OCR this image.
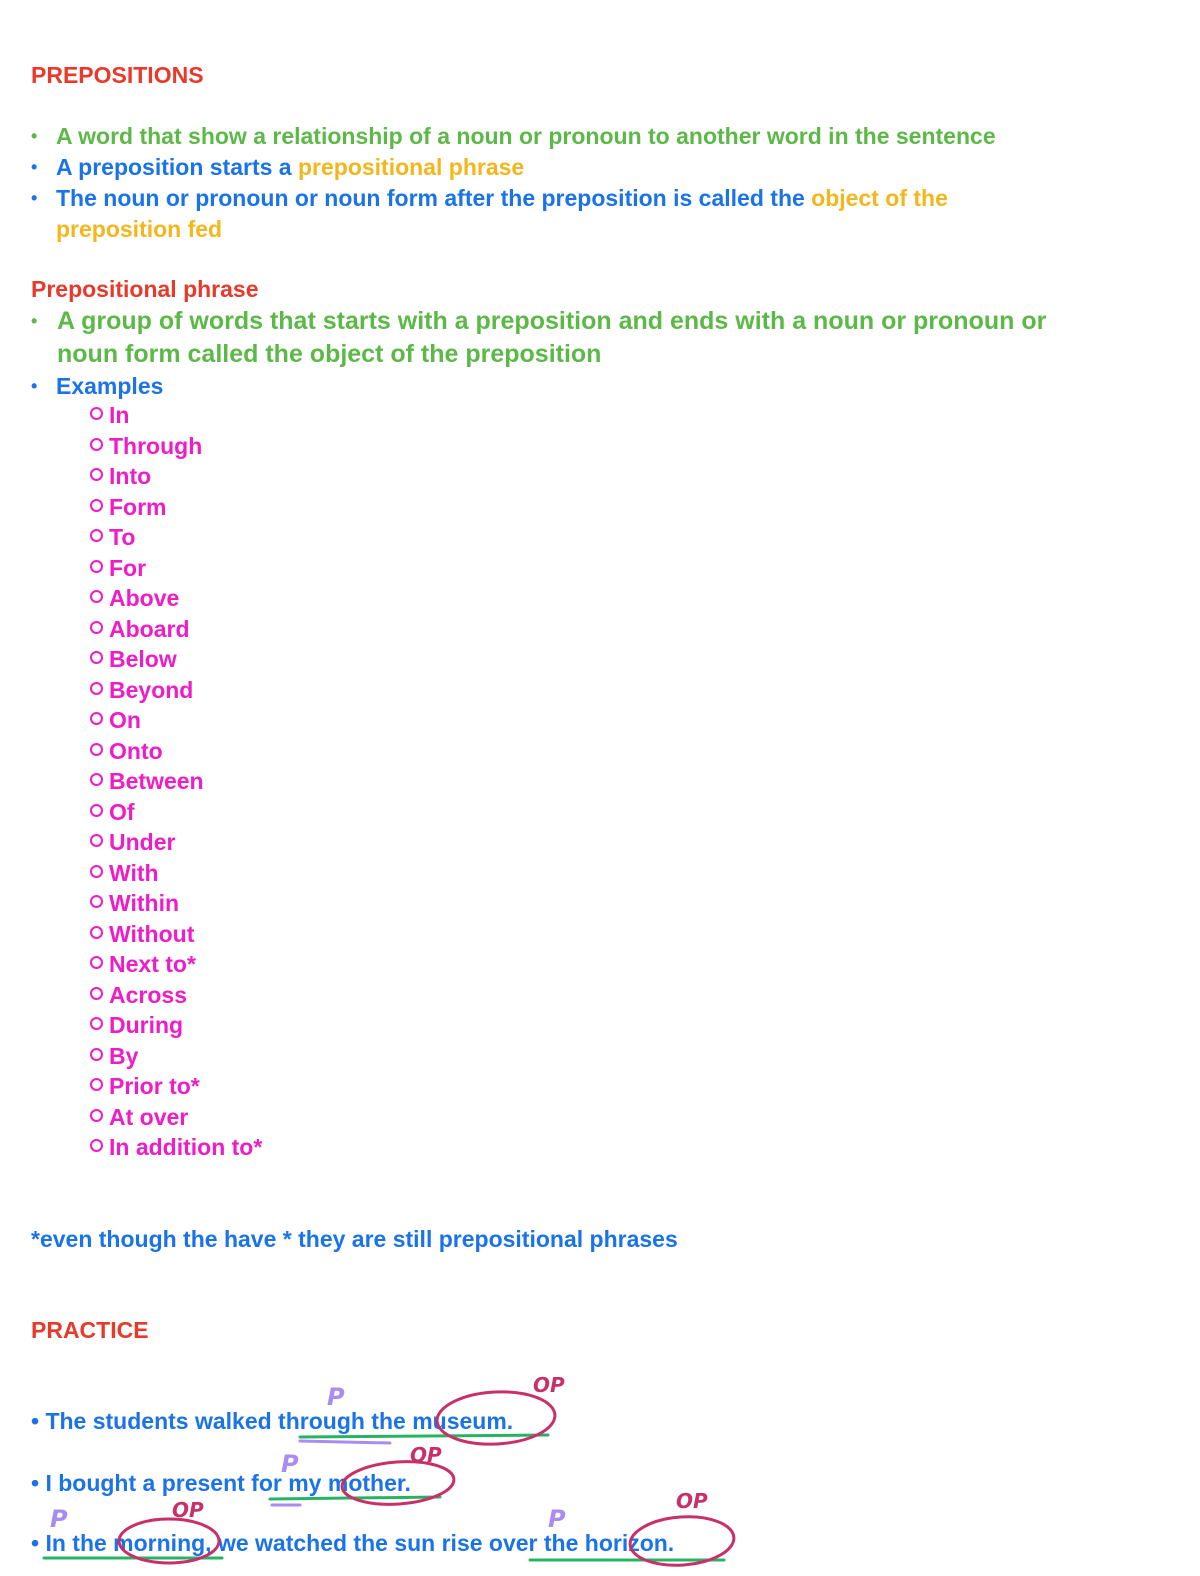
PREPOSITIONS
• A word that show a relationship of a noun or pronoun to another word in the sentence
• A preposition starts a prepositional phrase
• The noun or pronoun or noun form after the preposition is called the object of the
preposition fed
Prepositional phrase
• A group of words that starts with a preposition and ends with a noun or pronoun or
noun form called the object of the preposition
• Examples
In
Through
Into
Form
To
For
Above
Aboard
Below
Beyond
On
Onto
Between
Of
Under
With
Within
Without
Next to*
Across
During
By
Prior to*
At over
In addition to*
*even though the have * they are still prepositional phrases
PRACTICE
• The students walked through the museum.
• I bought a present for my mother.
• In the morning, we watched the sun rise over the horizon.
P	OP
P	OP
P	OP	P
OP
